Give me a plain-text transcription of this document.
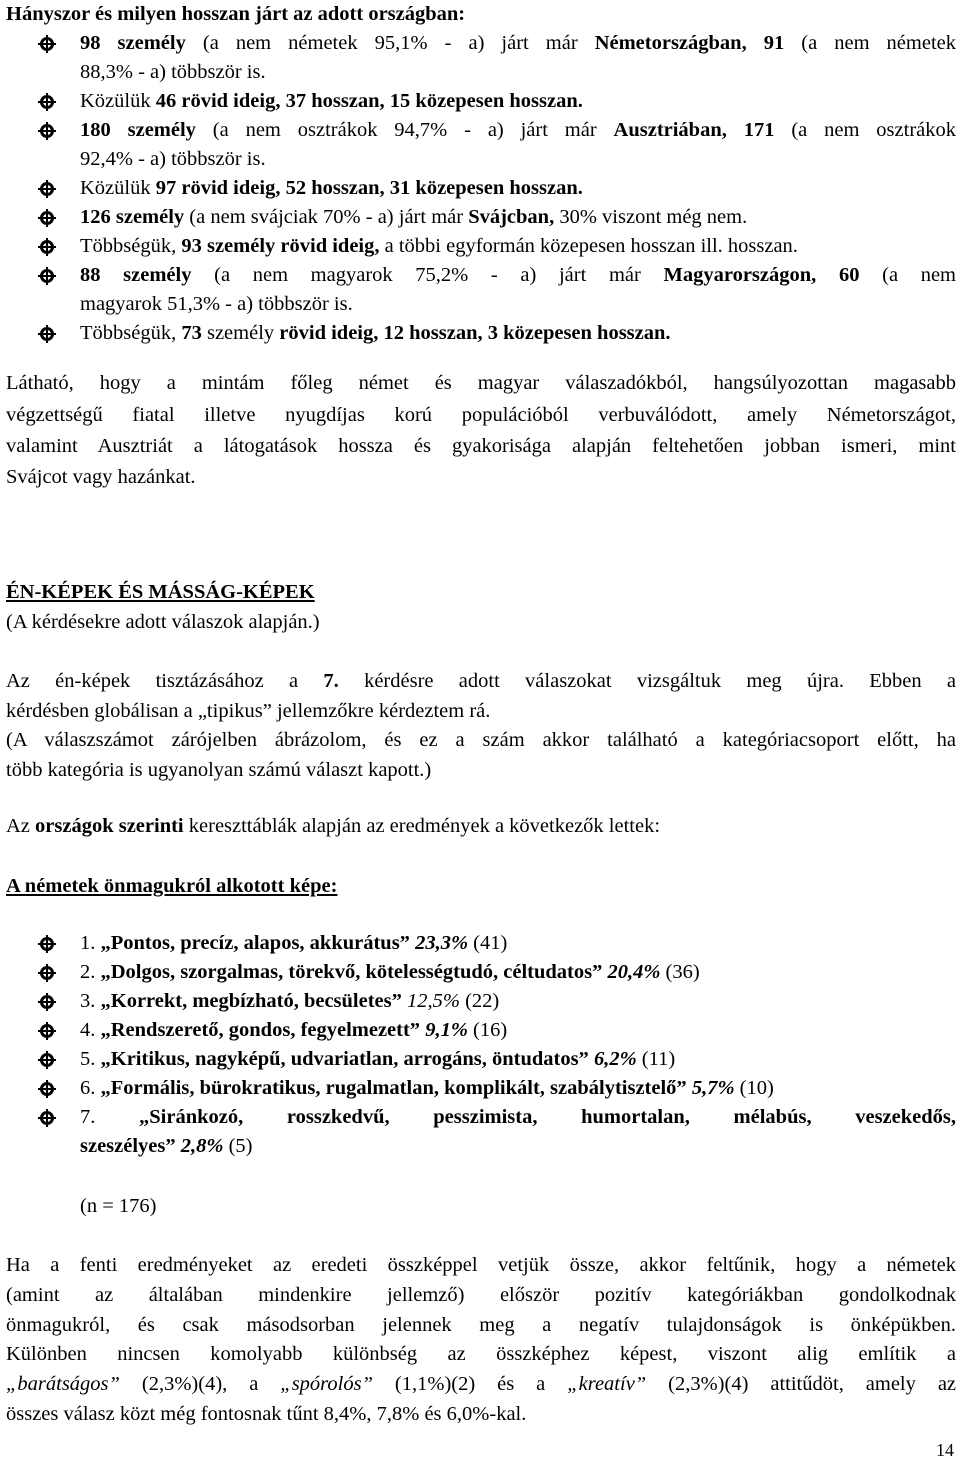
Hányszor és milyen hosszan járt az adott országban:
98 személy (a nem németek 95,1% - a) járt már Németországban, 91 (a nem németek
88,3% - a) többször is.
Közülük 46 rövid ideig, 37 hosszan, 15 közepesen hosszan.
180 személy (a nem osztrákok 94,7% - a) járt már Ausztriában, 171 (a nem osztrákok
92,4% - a) többször is.
Közülük 97 rövid ideig, 52 hosszan, 31 közepesen hosszan.
126 személy (a nem svájciak 70% - a) járt már Svájcban, 30% viszont még nem.
Többségük, 93 személy rövid ideig, a többi egyformán közepesen hosszan ill. hosszan.
88 személy (a nem magyarok 75,2% - a) járt már Magyarországon, 60 (a nem
magyarok 51,3% - a) többször is.
Többségük, 73 személy rövid ideig, 12 hosszan, 3 közepesen hosszan.
Látható, hogy a mintám főleg német és magyar válaszadókból, hangsúlyozottan magasabb
végzettségű fiatal illetve nyugdíjas korú populációból verbuválódott, amely Németországot,
valamint Ausztriát a látogatások hossza és gyakorisága alapján feltehetően jobban ismeri, mint
Svájcot vagy hazánkat.
ÉN-KÉPEK ÉS MÁSSÁG-KÉPEK
(A kérdésekre adott válaszok alapján.)
Az én-képek tisztázásához a 7. kérdésre adott válaszokat vizsgáltuk meg újra. Ebben a
kérdésben globálisan a „tipikus” jellemzőkre kérdeztem rá.
(A válaszszámot zárójelben ábrázolom, és ez a szám akkor található a kategóriacsoport előtt, ha
több kategória is ugyanolyan számú választ kapott.)
Az országok szerinti kereszttáblák alapján az eredmények a következők lettek:
A németek önmagukról alkotott képe:
1. „Pontos, precíz, alapos, akkurátus” 23,3% (41)
2. „Dolgos, szorgalmas, törekvő, kötelességtudó, céltudatos” 20,4% (36)
3. „Korrekt, megbízható, becsületes” 12,5% (22)
4. „Rendszerető, gondos, fegyelmezett” 9,1% (16)
5. „Kritikus, nagyképű, udvariatlan, arrogáns, öntudatos” 6,2% (11)
6. „Formális, bürokratikus, rugalmatlan, komplikált, szabálytisztelő” 5,7% (10)
7. „Siránkozó, rosszkedvű, pesszimista, humortalan, mélabús, veszekedős,
szeszélyes” 2,8% (5)
(n = 176)
Ha a fenti eredményeket az eredeti összképpel vetjük össze, akkor feltűnik, hogy a németek
(amint az általában mindenkire jellemző) először pozitív kategóriákban gondolkodnak
önmagukról, és csak másodsorban jelennek meg a negatív tulajdonságok is önképükben.
Különben nincsen komolyabb különbség az összképhez képest, viszont alig említik a
„barátságos” (2,3%)(4), a „spórolós” (1,1%)(2) és a „kreatív” (2,3%)(4) attitűdöt, amely az
összes válasz közt még fontosnak tűnt 8,4%, 7,8% és 6,0%-kal.
14
